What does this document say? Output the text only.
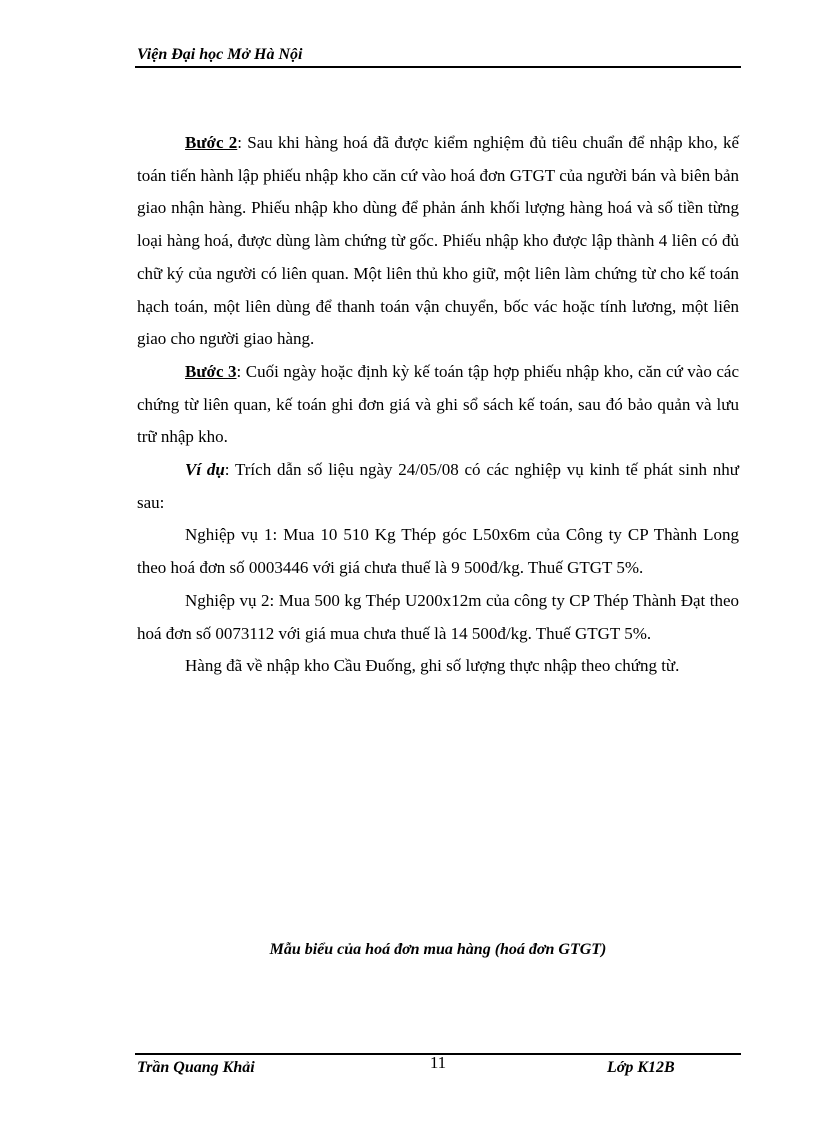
Viện Đại học Mở Hà Nội

Bước 2: Sau khi hàng hoá đã được kiểm nghiệm đủ tiêu chuẩn để nhập kho, kế toán tiến hành lập phiếu nhập kho căn cứ vào hoá đơn GTGT của người bán và biên bản giao nhận hàng. Phiếu nhập kho dùng để phản ánh khối lượng hàng hoá và số tiền từng loại hàng hoá, được dùng làm chứng từ gốc. Phiếu nhập kho được lập thành 4 liên có đủ chữ ký của người có liên quan. Một liên thủ kho giữ, một liên làm chứng từ cho kế toán hạch toán, một liên dùng để thanh toán vận chuyển, bốc vác hoặc tính lương, một liên giao cho người giao hàng.

Bước 3: Cuối ngày hoặc định kỳ kế toán tập hợp phiếu nhập kho, căn cứ vào các chứng từ liên quan, kế toán ghi đơn giá và ghi sổ sách kế toán, sau đó bảo quản và lưu trữ nhập kho.

Ví dụ: Trích dẫn số liệu ngày 24/05/08 có các nghiệp vụ kinh tế phát sinh như sau:

Nghiệp vụ 1: Mua 10 510 Kg Thép góc L50x6m của Công ty CP Thành Long theo hoá đơn số 0003446 với giá chưa thuế là 9 500đ/kg. Thuế GTGT 5%.

Nghiệp vụ 2: Mua 500 kg Thép U200x12m của công ty CP Thép Thành Đạt theo hoá đơn số 0073112 với giá mua chưa thuế là 14 500đ/kg. Thuế GTGT 5%.

Hàng đã về nhập kho Cầu Đuống, ghi số lượng thực nhập theo chứng từ.

Mẫu biểu của hoá đơn mua hàng (hoá đơn GTGT)
Trần Quang Khải	11	Lớp K12B
